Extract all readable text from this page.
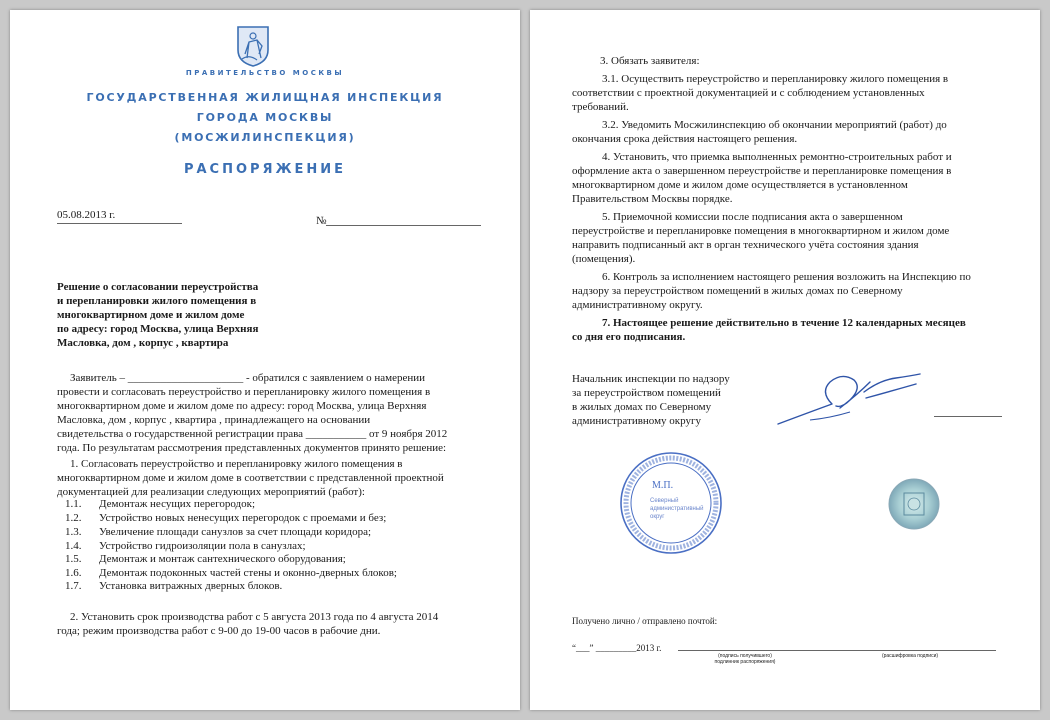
ПРАВИТЕЛЬСТВО МОСКВЫ
ГОСУДАРСТВЕННАЯ ЖИЛИЩНАЯ ИНСПЕКЦИЯ
ГОРОДА МОСКВЫ
(МОСЖИЛИНСПЕКЦИЯ)
РАСПОРЯЖЕНИЕ
05.08.2013 г.	№
Решение о согласовании переустройства
и перепланировки жилого помещения в
многоквартирном доме и жилом доме
по адресу: город Москва, улица Верхняя
Масловка, дом , корпус , квартира
Заявитель – _____________________ - обратился с заявлением о намерении
провести и согласовать переустройство и перепланировку жилого помещения в
многоквартирном доме и жилом доме по адресу: город Москва, улица Верхняя
Масловка, дом , корпус , квартира , принадлежащего на основании
свидетельства о государственной регистрации права ___________ от 9 ноября 2012
года. По результатам рассмотрения представленных документов принято решение:
1. Согласовать переустройство и перепланировку жилого помещения в
многоквартирном доме и жилом доме в соответствии с представленной проектной
документацией для реализации следующих мероприятий (работ):
1.1. Демонтаж несущих перегородок;
1.2. Устройство новых ненесущих перегородок с проемами и без;
1.3. Увеличение площади санузлов за счет площади коридора;
1.4. Устройство гидроизоляции пола в санузлах;
1.5. Демонтаж и монтаж сантехнического оборудования;
1.6. Демонтаж подоконных частей стены и оконно-дверных блоков;
1.7. Установка витражных дверных блоков.
2. Установить срок производства работ с 5 августа 2013 года по 4 августа 2014
года; режим производства работ с 9-00 до 19-00 часов в рабочие дни.
3. Обязать заявителя:
3.1. Осуществить переустройство и перепланировку жилого помещения в
соответствии с проектной документацией и с соблюдением установленных
требований.
3.2. Уведомить Мосжилинспекцию об окончании мероприятий (работ) до
окончания срока действия настоящего решения.
4. Установить, что приемка выполненных ремонтно-строительных работ и
оформление акта о завершенном переустройстве и перепланировке помещения в
многоквартирном доме и жилом доме осуществляется в установленном
Правительством Москвы порядке.
5. Приемочной комиссии после подписания акта о завершенном
переустройстве и перепланировке помещения в многоквартирном и жилом доме
направить подписанный акт в орган технического учёта состояния здания
(помещения).
6. Контроль за исполнением настоящего решения возложить на Инспекцию по
надзору за переустройством помещений в жилых домах по Северному
административному округу.
7. Настоящее решение действительно в течение 12 календарных месяцев
со дня его подписания.
Начальник инспекции по надзору
за переустройством помещений
в жилых домах по Северному
административному округу
М.П.
Северный
административный
округ
Получено лично / отправлено почтой:
“___” _________2013 г.
(подпись получившего)
подлинник распоряжения)
(расшифровка подписи)
